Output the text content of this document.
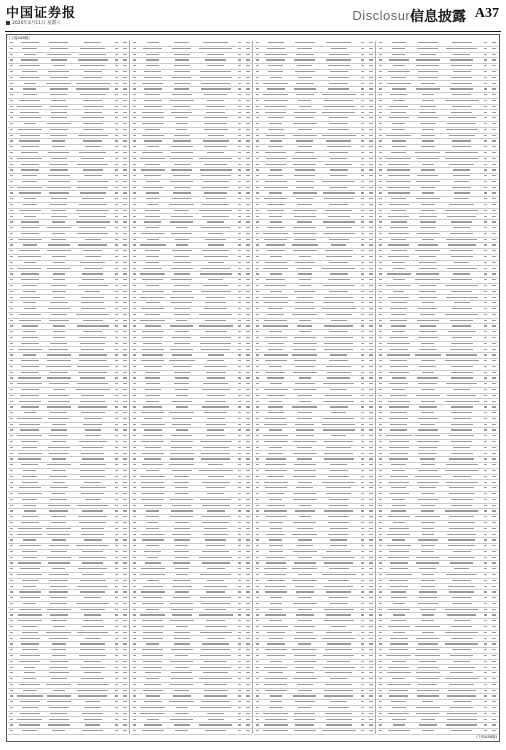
中国证券报
2020年4月11日 星期六
Disclosure
信息披露 A37
(上接A36版)
(下转A38版)
